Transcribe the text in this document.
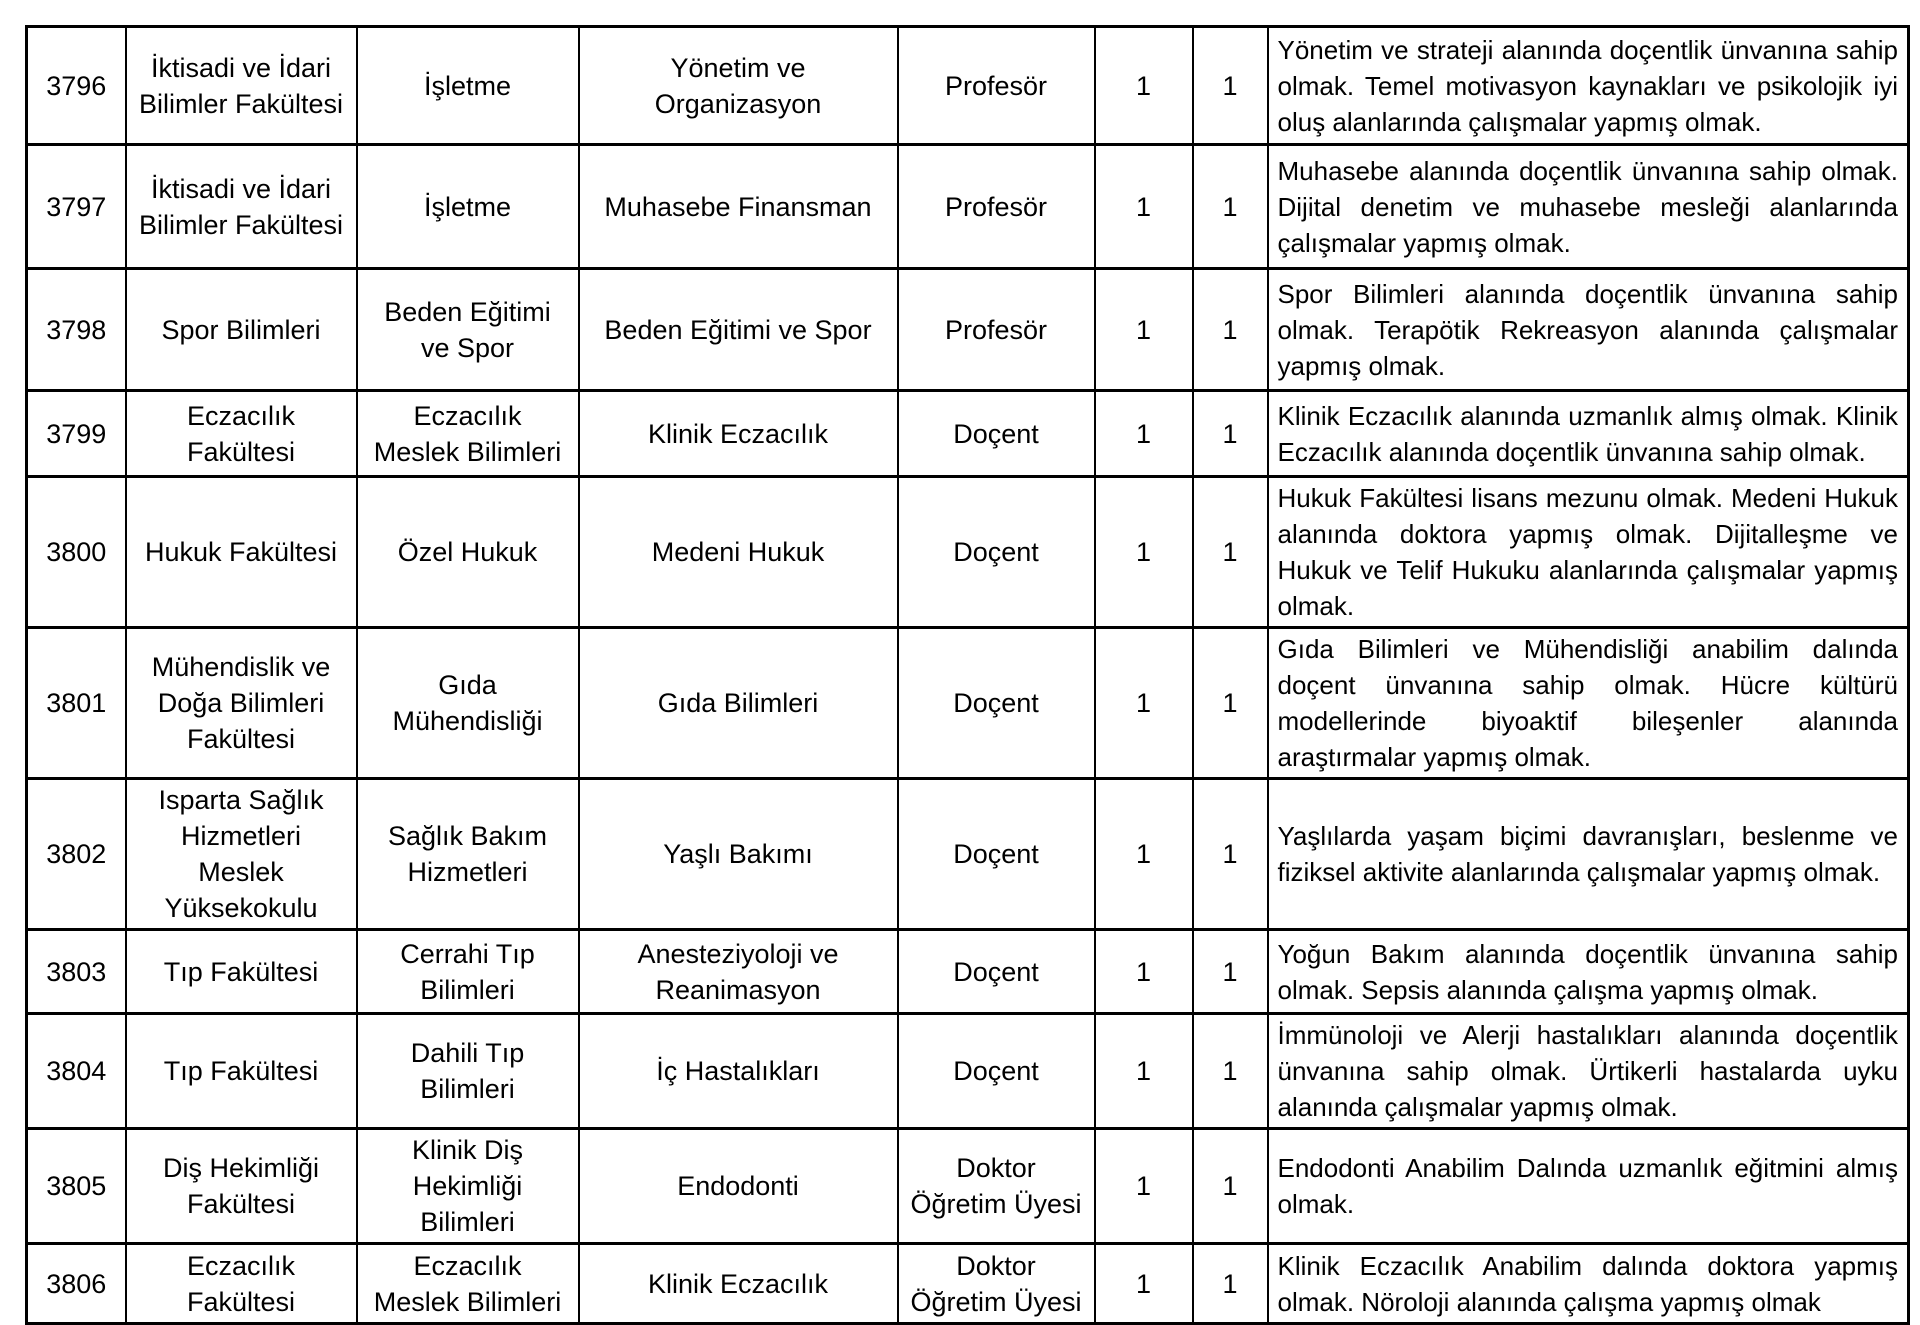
3796	İktisadi ve İdari Bilimler Fakültesi	İşletme	Yönetim ve Organizasyon	Profesör	1	1	Yönetim ve strateji alanında doçentlik ünvanına sahip olmak. Temel motivasyon kaynakları ve psikolojik iyi oluş alanlarında çalışmalar yapmış olmak.
3797	İktisadi ve İdari Bilimler Fakültesi	İşletme	Muhasebe Finansman	Profesör	1	1	Muhasebe alanında doçentlik ünvanına sahip olmak. Dijital denetim ve muhasebe mesleği alanlarında çalışmalar yapmış olmak.
3798	Spor Bilimleri	Beden Eğitimi ve Spor	Beden Eğitimi ve Spor	Profesör	1	1	Spor Bilimleri alanında doçentlik ünvanına sahip olmak. Terapötik Rekreasyon alanında çalışmalar yapmış olmak.
3799	Eczacılık Fakültesi	Eczacılık Meslek Bilimleri	Klinik Eczacılık	Doçent	1	1	Klinik Eczacılık alanında uzmanlık almış olmak. Klinik Eczacılık alanında doçentlik ünvanına sahip olmak.
3800	Hukuk Fakültesi	Özel Hukuk	Medeni Hukuk	Doçent	1	1	Hukuk Fakültesi lisans mezunu olmak. Medeni Hukuk alanında doktora yapmış olmak. Dijitalleşme ve Hukuk ve Telif Hukuku alanlarında çalışmalar yapmış olmak.
3801	Mühendislik ve Doğa Bilimleri Fakültesi	Gıda Mühendisliği	Gıda Bilimleri	Doçent	1	1	Gıda Bilimleri ve Mühendisliği anabilim dalında doçent ünvanına sahip olmak. Hücre kültürü modellerinde biyoaktif bileşenler alanında araştırmalar yapmış olmak.
3802	Isparta Sağlık Hizmetleri Meslek Yüksekokulu	Sağlık Bakım Hizmetleri	Yaşlı Bakımı	Doçent	1	1	Yaşlılarda yaşam biçimi davranışları, beslenme ve fiziksel aktivite alanlarında çalışmalar yapmış olmak.
3803	Tıp Fakültesi	Cerrahi Tıp Bilimleri	Anesteziyoloji ve Reanimasyon	Doçent	1	1	Yoğun Bakım alanında doçentlik ünvanına sahip olmak. Sepsis alanında çalışma yapmış olmak.
3804	Tıp Fakültesi	Dahili Tıp Bilimleri	İç Hastalıkları	Doçent	1	1	İmmünoloji ve Alerji hastalıkları alanında doçentlik ünvanına sahip olmak. Ürtikerli hastalarda uyku alanında çalışmalar yapmış olmak.
3805	Diş Hekimliği Fakültesi	Klinik Diş Hekimliği Bilimleri	Endodonti	Doktor Öğretim Üyesi	1	1	Endodonti Anabilim Dalında uzmanlık eğitmini almış olmak.
3806	Eczacılık Fakültesi	Eczacılık Meslek Bilimleri	Klinik Eczacılık	Doktor Öğretim Üyesi	1	1	Klinik Eczacılık Anabilim dalında doktora yapmış olmak. Nöroloji alanında çalışma yapmış olmak
